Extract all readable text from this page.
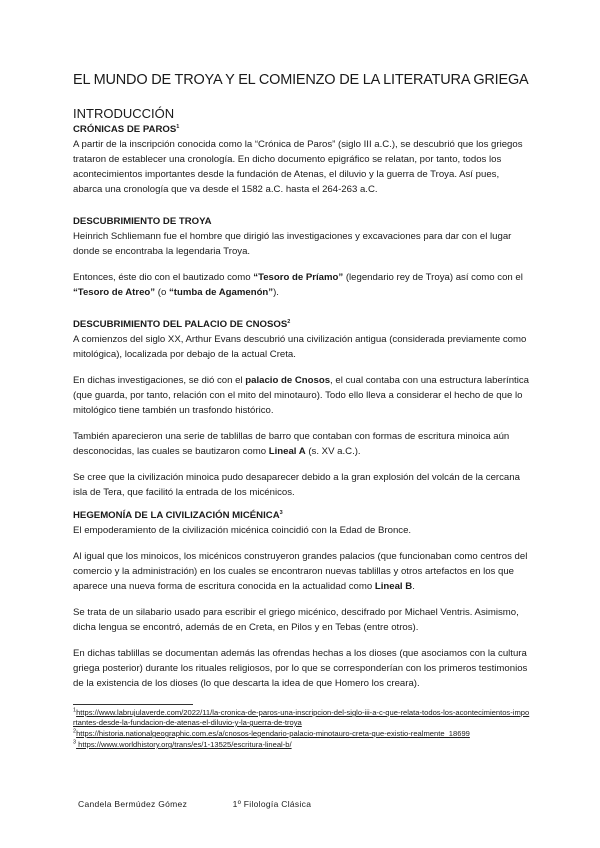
EL MUNDO DE TROYA Y EL COMIENZO DE LA LITERATURA GRIEGA
INTRODUCCIÓN
CRÓNICAS DE PAROS$^1$

A partir de la inscripción conocida como la “Crónica de Paros” (siglo III a.C.), se descubrió que los griegos trataron de establecer una cronología. En dicho documento epigráfico se relatan, por tanto, todos los acontecimientos importantes desde la fundación de Atenas, el diluvio y la guerra de Troya. Así pues, abarca una cronología que va desde el 1582 a.C. hasta el 264-263 a.C.

DESCUBRIMIENTO DE TROYA

Heinrich Schliemann fue el hombre que dirigió las investigaciones y excavaciones para dar con el lugar donde se encontraba la legendaria Troya.

Entonces, éste dio con el bautizado como “Tesoro de Príamo” (legendario rey de Troya) así como con el “Tesoro de Atreo” (o “tumba de Agamenón”).

DESCUBRIMIENTO DEL PALACIO DE CNOSOS$^2$

A comienzos del siglo XX, Arthur Evans descubrió una civilización antigua (considerada previamente como mitológica), localizada por debajo de la actual Creta.

En dichas investigaciones, se dió con el palacio de Cnosos, el cual contaba con una estructura laberíntica (que guarda, por tanto, relación con el mito del minotauro). Todo ello lleva a considerar el hecho de que lo mitológico tiene también un trasfondo histórico.

También aparecieron una serie de tablillas de barro que contaban con formas de escritura minoica aún desconocidas, las cuales se bautizaron como Lineal A (s. XV a.C.).

Se cree que la civilización minoica pudo desaparecer debido a la gran explosión del volcán de la cercana isla de Tera, que facilitó la entrada de los micénicos.

HEGEMONÍA DE LA CIVILIZACIÓN MICÉNICA$^3$

El empoderamiento de la civilización micénica coincidió con la Edad de Bronce.

Al igual que los minoicos, los micénicos construyeron grandes palacios (que funcionaban como centros del comercio y la administración) en los cuales se encontraron nuevas tablillas y otros artefactos en los que aparece una nueva forma de escritura conocida en la actualidad como Lineal B.

Se trata de un silabario usado para escribir el griego micénico, descifrado por Michael Ventris. Asimismo, dicha lengua se encontró, además de en Creta, en Pilos y en Tebas (entre otros).

En dichas tablillas se documentan además las ofrendas hechas a los dioses (que asociamos con la cultura griega posterior) durante los rituales religiosos, por lo que se corresponderían con los primeros testimonios de la existencia de los dioses (lo que descarta la idea de que Homero los creara).

$^1$https://www.labrujulaverde.com/2022/11/la-cronica-de-paros-una-inscripcion-del-siglo-iii-a-c-que-relata-todos-los-acontecimientos-importantes-desde-la-fundacion-de-atenas-el-diluvio-y-la-guerra-de-troya

$^2$https://historia.nationalgeographic.com.es/a/cnosos-legendario-palacio-minotauro-creta-que-existio-realmente_18699

$^3$ https://www.worldhistory.org/trans/es/1-13525/escritura-lineal-b/

Candela Bermúdez Gómez	1º Filología Clásica
